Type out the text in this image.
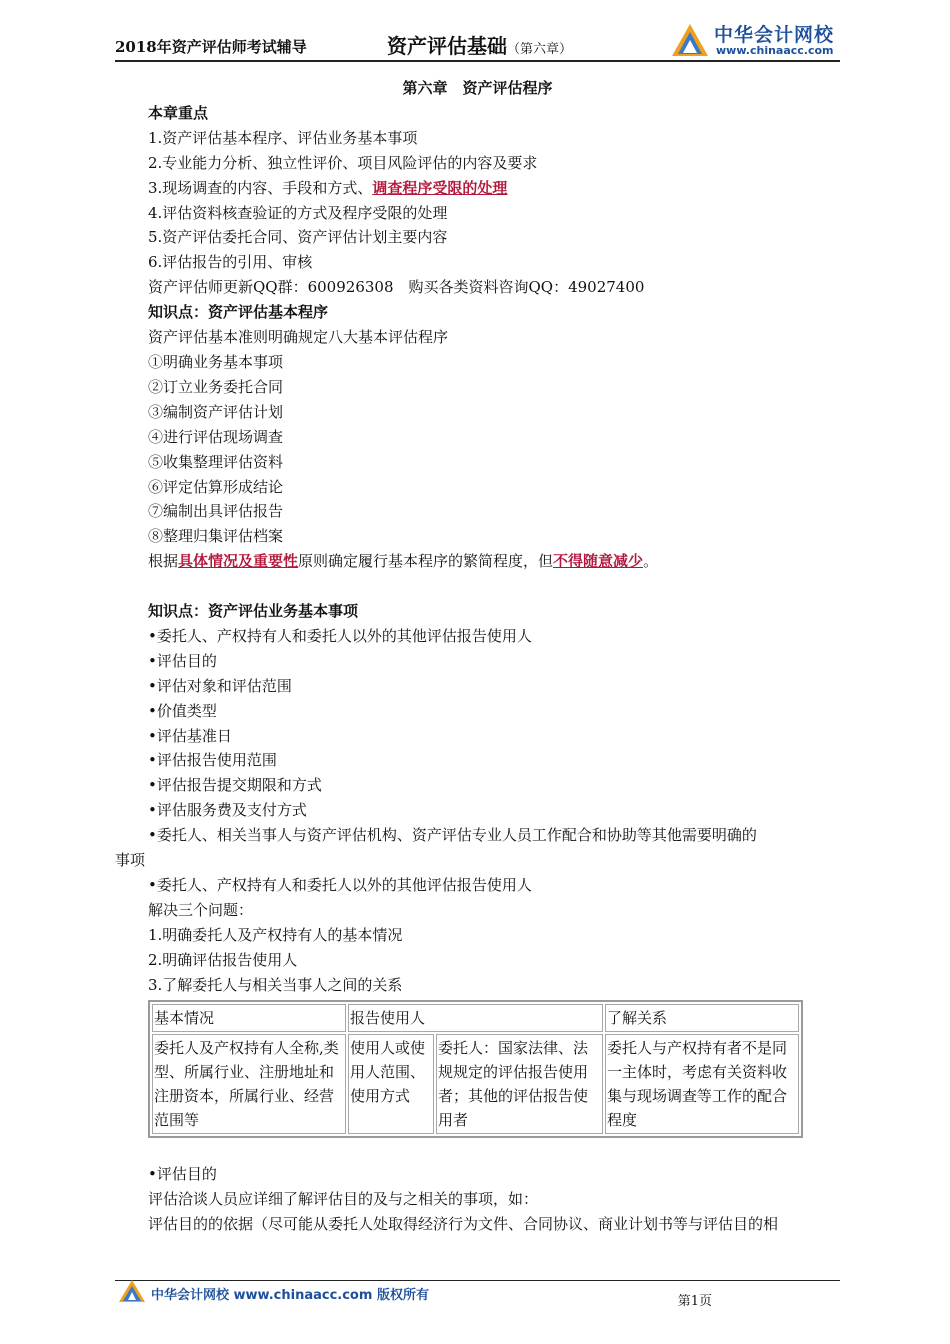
2018年资产评估师考试辅导	资产评估基础（第六章）
中华会计网校
www.chinaacc.com

第六章　资产评估程序

本章重点

1.资产评估基本程序、评估业务基本事项

2.专业能力分析、独立性评价、项目风险评估的内容及要求

3.现场调查的内容、手段和方式、调查程序受限的处理

4.评估资料核查验证的方式及程序受限的处理

5.资产评估委托合同、资产评估计划主要内容

6.评估报告的引用、审核

资产评估师更新QQ群：600926308　购买各类资料咨询QQ：49027400

知识点：资产评估基本程序

资产评估基本准则明确规定八大基本评估程序

①明确业务基本事项

②订立业务委托合同

③编制资产评估计划

④进行评估现场调查

⑤收集整理评估资料

⑥评定估算形成结论

⑦编制出具评估报告

⑧整理归集评估档案

根据具体情况及重要性原则确定履行基本程序的繁简程度，但不得随意减少。

知识点：资产评估业务基本事项

•委托人、产权持有人和委托人以外的其他评估报告使用人

•评估目的

•评估对象和评估范围

•价值类型

•评估基准日

•评估报告使用范围

•评估报告提交期限和方式

•评估服务费及支付方式

•委托人、相关当事人与资产评估机构、资产评估专业人员工作配合和协助等其他需要明确的

事项

•委托人、产权持有人和委托人以外的其他评估报告使用人

解决三个问题：

1.明确委托人及产权持有人的基本情况

2.明确评估报告使用人

3.了解委托人与相关当事人之间的关系

基本情况	报告使用人		了解关系
委托人及产权持有人全称,类型、所属行业、注册地址和注册资本，所属行业、经营范围等	使用人或使用人范围、使用方式	委托人：国家法律、法规规定的评估报告使用者；其他的评估报告使用者	委托人与产权持有者不是同一主体时，考虑有关资料收集与现场调查等工作的配合程度

•评估目的

评估洽谈人员应详细了解评估目的及与之相关的事项，如：

评估目的的依据（尽可能从委托人处取得经济行为文件、合同协议、商业计划书等与评估目的相

中华会计网校 www.chinaacc.com 版权所有	第1页
